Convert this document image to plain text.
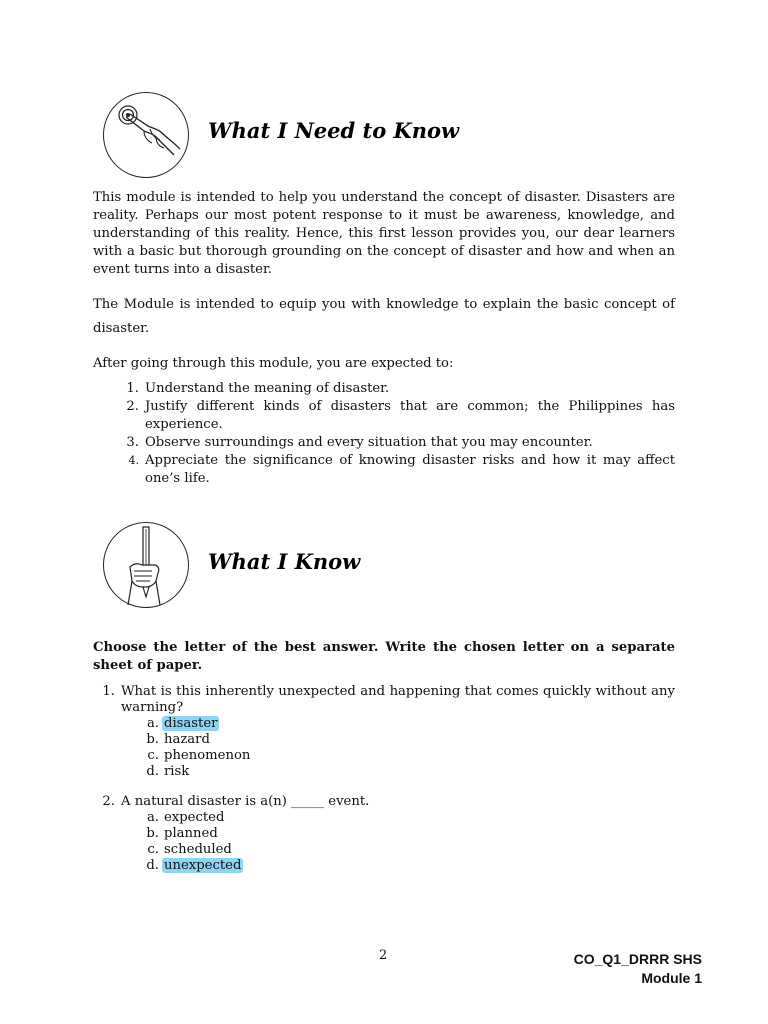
What I Need to Know
This module is intended to help you understand the concept of disaster. Disasters are reality. Perhaps our most potent response to it must be awareness, knowledge, and understanding of this reality. Hence, this first lesson provides you, our dear learners with a basic but thorough grounding on the concept of disaster and how and when an event turns into a disaster.
The Module is intended to equip you with knowledge to explain the basic concept of disaster.
After going through this module, you are expected to:
1. Understand the meaning of disaster.
2. Justify different kinds of disasters that are common; the Philippines has experience.
3. Observe surroundings and every situation that you may encounter.
4. Appreciate the significance of knowing disaster risks and how it may affect one’s life.
What I Know
Choose the letter of the best answer. Write the chosen letter on a separate sheet of paper.
1. What is this inherently unexpected and happening that comes quickly without any warning?
a. disaster
b. hazard
c. phenomenon
d. risk
2. A natural disaster is a(n) _____ event.
a. expected
b. planned
c. scheduled
d. unexpected
2	CO_Q1_DRRR SHS
Module 1
